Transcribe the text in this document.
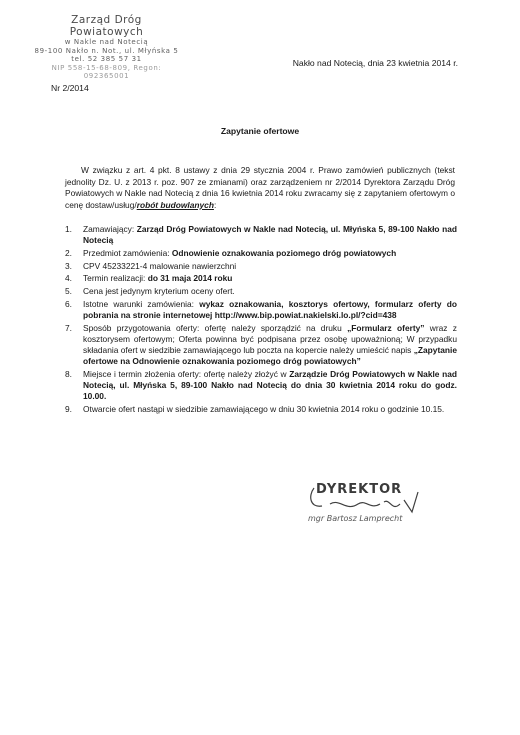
Zarząd Dróg Powiatowych
w Nakle nad Notecią
89-100 Nakło n. Not., ul. Młyńska 5
tel. 52 385 57 31
NIP 558-15-68-809, Regon: 092365001
Nakło nad Notecią, dnia 23 kwietnia 2014 r.
Nr 2/2014
Zapytanie ofertowe
W związku z art. 4 pkt. 8 ustawy z dnia 29 stycznia 2004 r. Prawo zamówień publicznych (tekst jednolity Dz. U. z 2013 r. poz. 907 ze zmianami) oraz zarządzeniem nr 2/2014 Dyrektora Zarządu Dróg Powiatowych w Nakle nad Notecią z dnia 16 kwietnia 2014 roku zwracamy się z zapytaniem ofertowym o cenę dostaw/usług/robót budowlanych:
1. Zamawiający: Zarząd Dróg Powiatowych w Nakle nad Notecią, ul. Młyńska 5, 89-100 Nakło nad Notecią
2. Przedmiot zamówienia: Odnowienie oznakowania poziomego dróg powiatowych
3. CPV 45233221-4 malowanie nawierzchni
4. Termin realizacji: do 31 maja 2014 roku
5. Cena jest jedynym kryterium oceny ofert.
6. Istotne warunki zamówienia: wykaz oznakowania, kosztorys ofertowy, formularz oferty do pobrania na stronie internetowej http://www.bip.powiat.nakielski.lo.pl/?cid=438
7. Sposób przygotowania oferty: ofertę należy sporządzić na druku „Formularz oferty” wraz z kosztorysem ofertowym; Oferta powinna być podpisana przez osobę upoważnioną; W przypadku składania ofert w siedzibie zamawiającego lub poczta na kopercie należy umieścić napis „Zapytanie ofertowe na Odnowienie oznakowania poziomego dróg powiatowych”
8. Miejsce i termin złożenia oferty: ofertę należy złożyć w Zarządzie Dróg Powiatowych w Nakle nad Notecią, ul. Młyńska 5, 89-100 Nakło nad Notecią do dnia 30 kwietnia 2014 roku do godz. 10.00.
9. Otwarcie ofert nastąpi w siedzibie zamawiającego w dniu 30 kwietnia 2014 roku o godzinie 10.15.
DYREKTOR
mgr Bartosz Lamprecht
